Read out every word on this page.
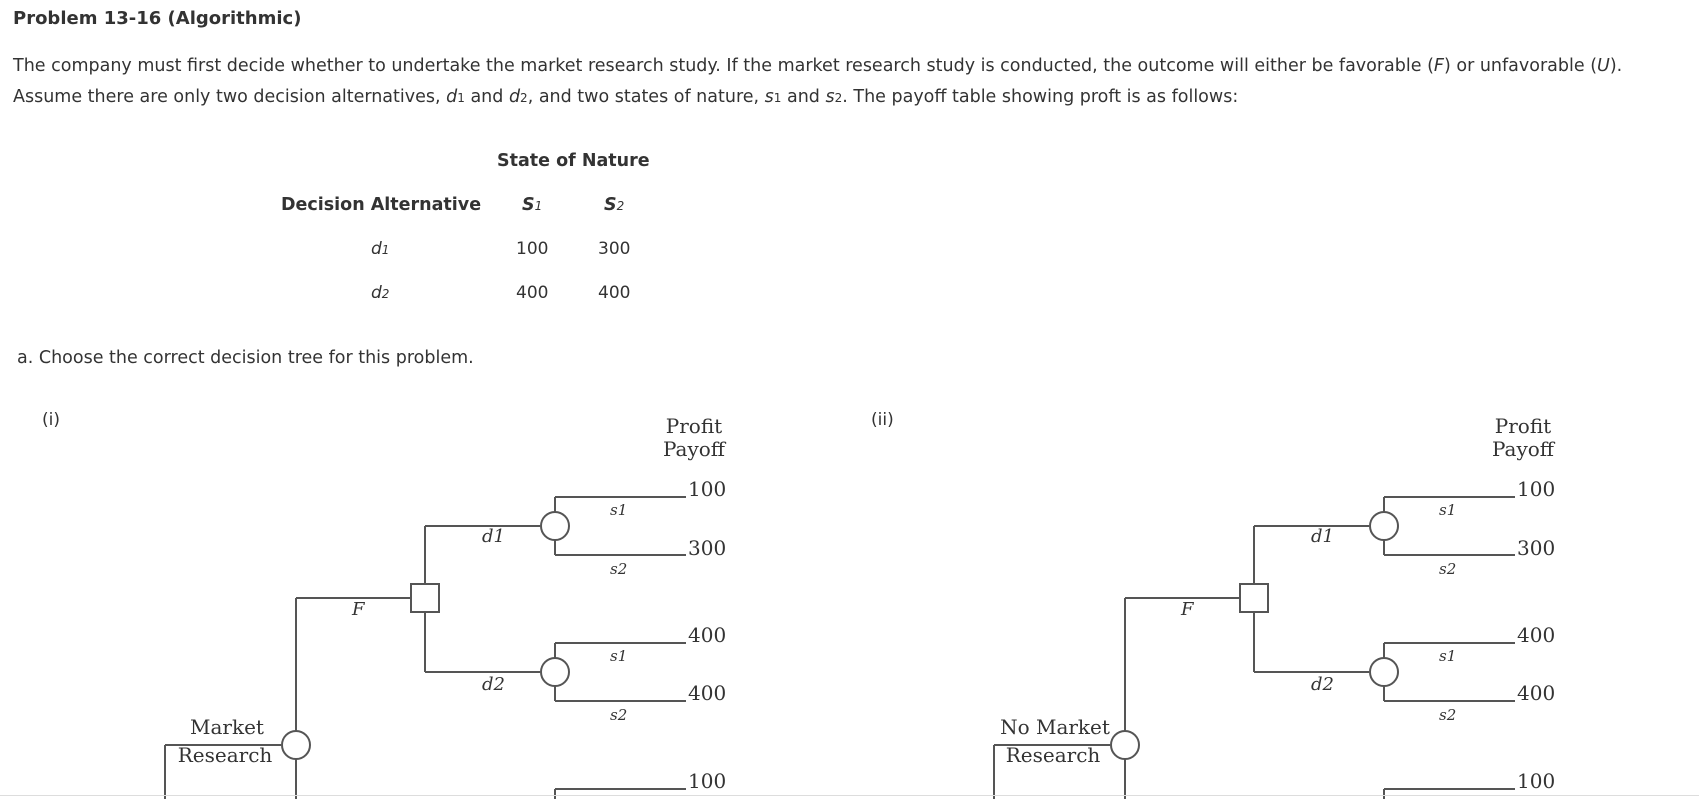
Problem 13-16 (Algorithmic)
The company must first decide whether to undertake the market research study. If the market research study is conducted, the outcome will either be favorable (F) or unfavorable (U).
Assume there are only two decision alternatives, d1 and d2, and two states of nature, s1 and s2. The payoff table showing proft is as follows:
State of Nature
Decision Alternative S1	S2
d1	100	300
d2	400	400
a. Choose the correct decision tree for this problem.
(i)	Profit
Payoff
100
300
400
400
100
Market
Research
F
d1
d2
s1
s2
s1
s2
Profit
Payoff
100
300
400
400
100
No Market
Research
F
d1
d2
s1
s2
s1
s2
(ii)
